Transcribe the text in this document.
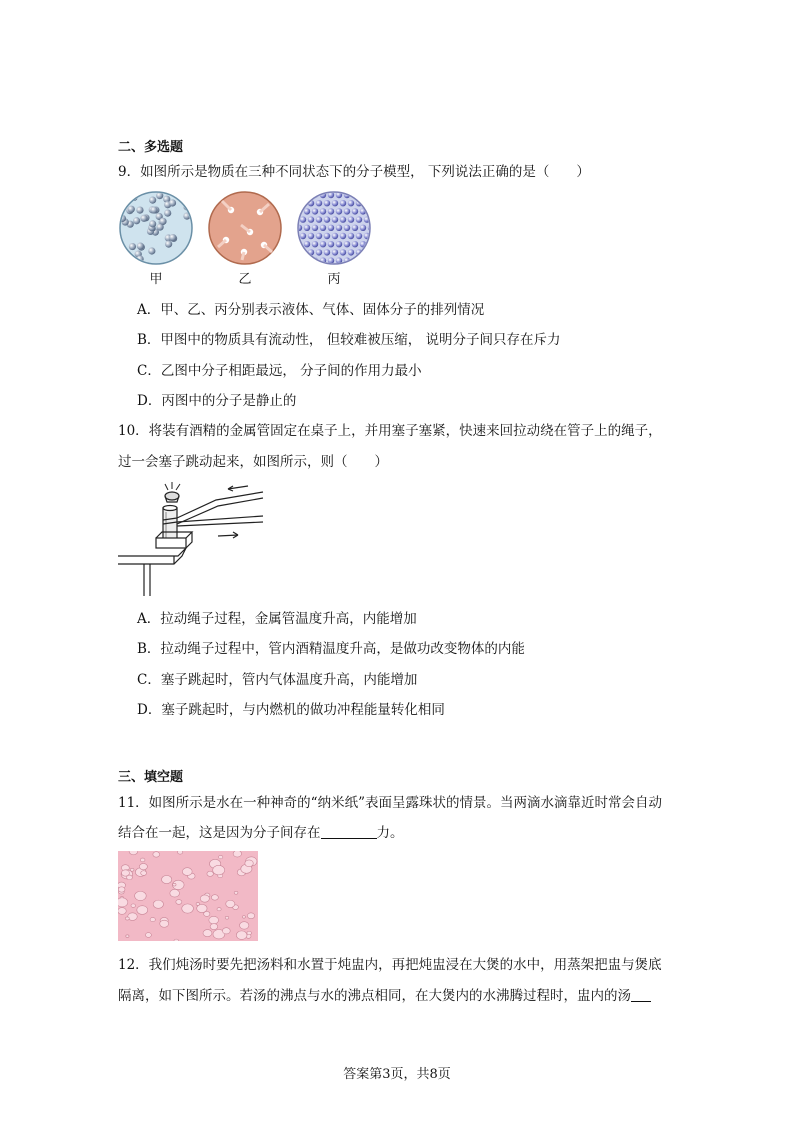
二、多选题
9．如图所示是物质在三种不同状态下的分子模型， 下列说法正确的是（　　）
甲	乙	丙
A．甲、乙、丙分别表示液体、气体、固体分子的排列情况
B．甲图中的物质具有流动性， 但较难被压缩， 说明分子间只存在斥力
C．乙图中分子相距最远， 分子间的作用力最小
D．丙图中的分子是静止的
10．将装有酒精的金属管固定在桌子上，并用塞子塞紧，快速来回拉动绕在管子上的绳子，
过一会塞子跳动起来，如图所示，则（　　）
A．拉动绳子过程，金属管温度升高，内能增加
B．拉动绳子过程中，管内酒精温度升高，是做功改变物体的内能
C．塞子跳起时，管内气体温度升高，内能增加
D．塞子跳起时，与内燃机的做功冲程能量转化相同
三、填空题
11．如图所示是水在一种神奇的“纳米纸”表面呈露珠状的情景。当两滴水滴靠近时常会自动
结合在一起，这是因为分子间存在	力。
12．我们炖汤时要先把汤料和水置于炖盅内，再把炖盅浸在大煲的水中，用蒸架把盅与煲底
隔离，如下图所示。若汤的沸点与水的沸点相同，在大煲内的水沸腾过程时，盅内的汤
答案第3页，共8页
